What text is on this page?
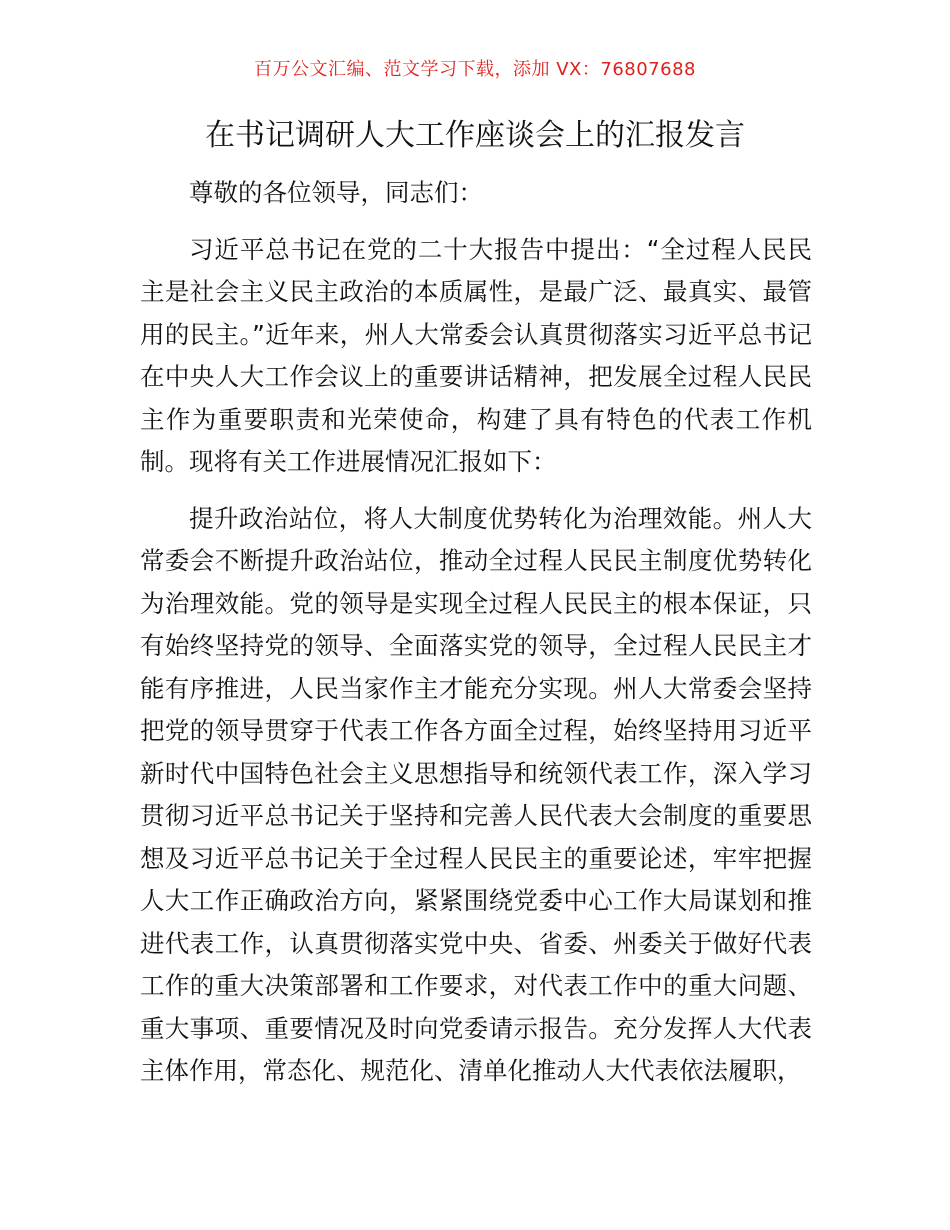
百万公文汇编、范文学习下载，添加 VX：76807688
在书记调研人大工作座谈会上的汇报发言

尊敬的各位领导，同志们：

习近平总书记在党的二十大报告中提出：“全过程人民民主是社会主义民主政治的本质属性，是最广泛、最真实、最管用的民主。”近年来，州人大常委会认真贯彻落实习近平总书记在中央人大工作会议上的重要讲话精神，把发展全过程人民民主作为重要职责和光荣使命，构建了具有特色的代表工作机制。现将有关工作进展情况汇报如下：

提升政治站位，将人大制度优势转化为治理效能。州人大常委会不断提升政治站位，推动全过程人民民主制度优势转化为治理效能。党的领导是实现全过程人民民主的根本保证，只有始终坚持党的领导、全面落实党的领导，全过程人民民主才能有序推进，人民当家作主才能充分实现。州人大常委会坚持把党的领导贯穿于代表工作各方面全过程，始终坚持用习近平新时代中国特色社会主义思想指导和统领代表工作，深入学习贯彻习近平总书记关于坚持和完善人民代表大会制度的重要思想及习近平总书记关于全过程人民民主的重要论述，牢牢把握人大工作正确政治方向，紧紧围绕党委中心工作大局谋划和推进代表工作，认真贯彻落实党中央、省委、州委关于做好代表工作的重大决策部署和工作要求，对代表工作中的重大问题、重大事项、重要情况及时向党委请示报告。充分发挥人大代表主体作用，常态化、规范化、清单化推动人大代表依法履职，
